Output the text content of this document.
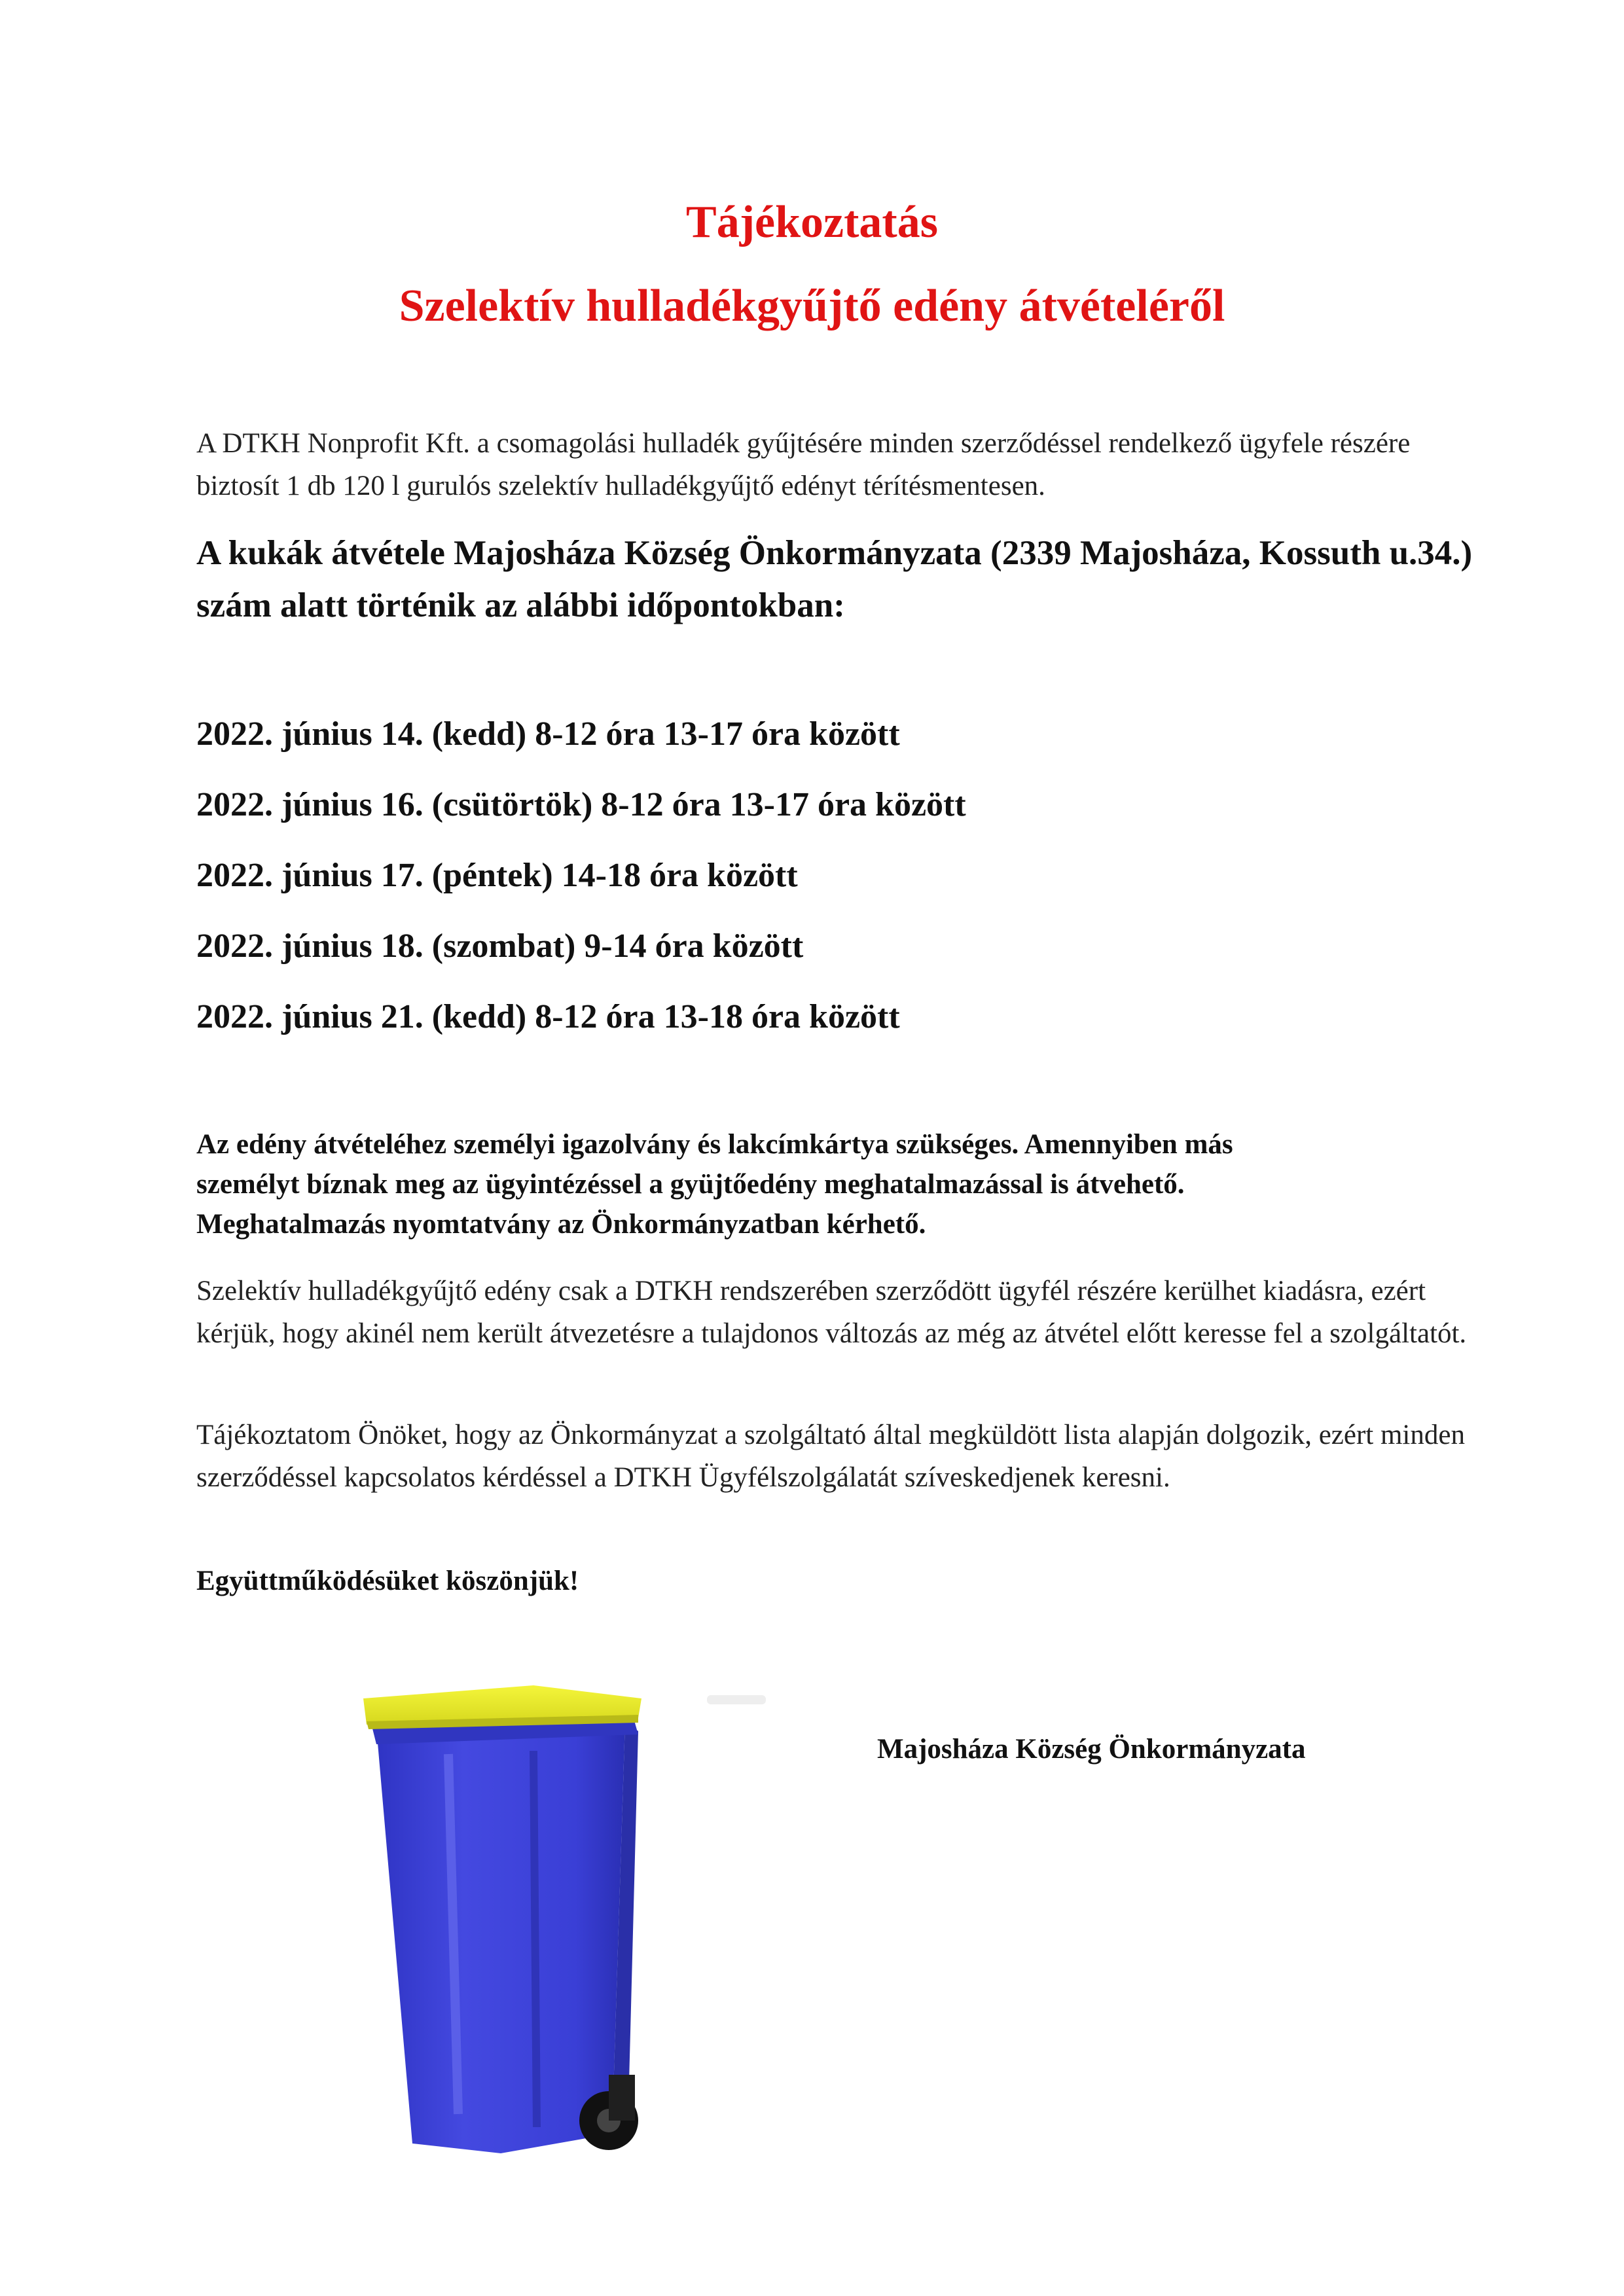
Tájékoztatás
Szelektív hulladékgyűjtő edény átvételéről
A DTKH Nonprofit Kft. a csomagolási hulladék gyűjtésére minden szerződéssel rendelkező ügyfele részére biztosít 1 db 120 l gurulós szelektív hulladékgyűjtő edényt térítésmentesen.
A kukák átvétele Majosháza Község Önkormányzata (2339 Majosháza, Kossuth u.34.) szám alatt történik az alábbi időpontokban:
2022. június 14. (kedd) 8-12 óra 13-17 óra között
2022. június 16. (csütörtök) 8-12 óra 13-17 óra között
2022. június 17. (péntek) 14-18 óra között
2022. június 18. (szombat) 9-14 óra között
2022. június 21. (kedd) 8-12 óra 13-18 óra között
Az edény átvételéhez személyi igazolvány és lakcímkártya szükséges. Amennyiben más
személyt bíznak meg az ügyintézéssel a gyüjtőedény meghatalmazással is átvehető.
Meghatalmazás nyomtatvány az Önkormányzatban kérhető.
Szelektív hulladékgyűjtő edény csak a DTKH rendszerében szerződött ügyfél részére kerülhet kiadásra, ezért kérjük, hogy akinél nem került átvezetésre a tulajdonos változás az még az átvétel előtt keresse fel a szolgáltatót.
Tájékoztatom Önöket, hogy az Önkormányzat a szolgáltató által megküldött lista alapján dolgozik, ezért minden szerződéssel kapcsolatos kérdéssel a DTKH Ügyfélszolgálatát szíveskedjenek keresni.
Együttműködésüket köszönjük!
Majosháza Község Önkormányzata
